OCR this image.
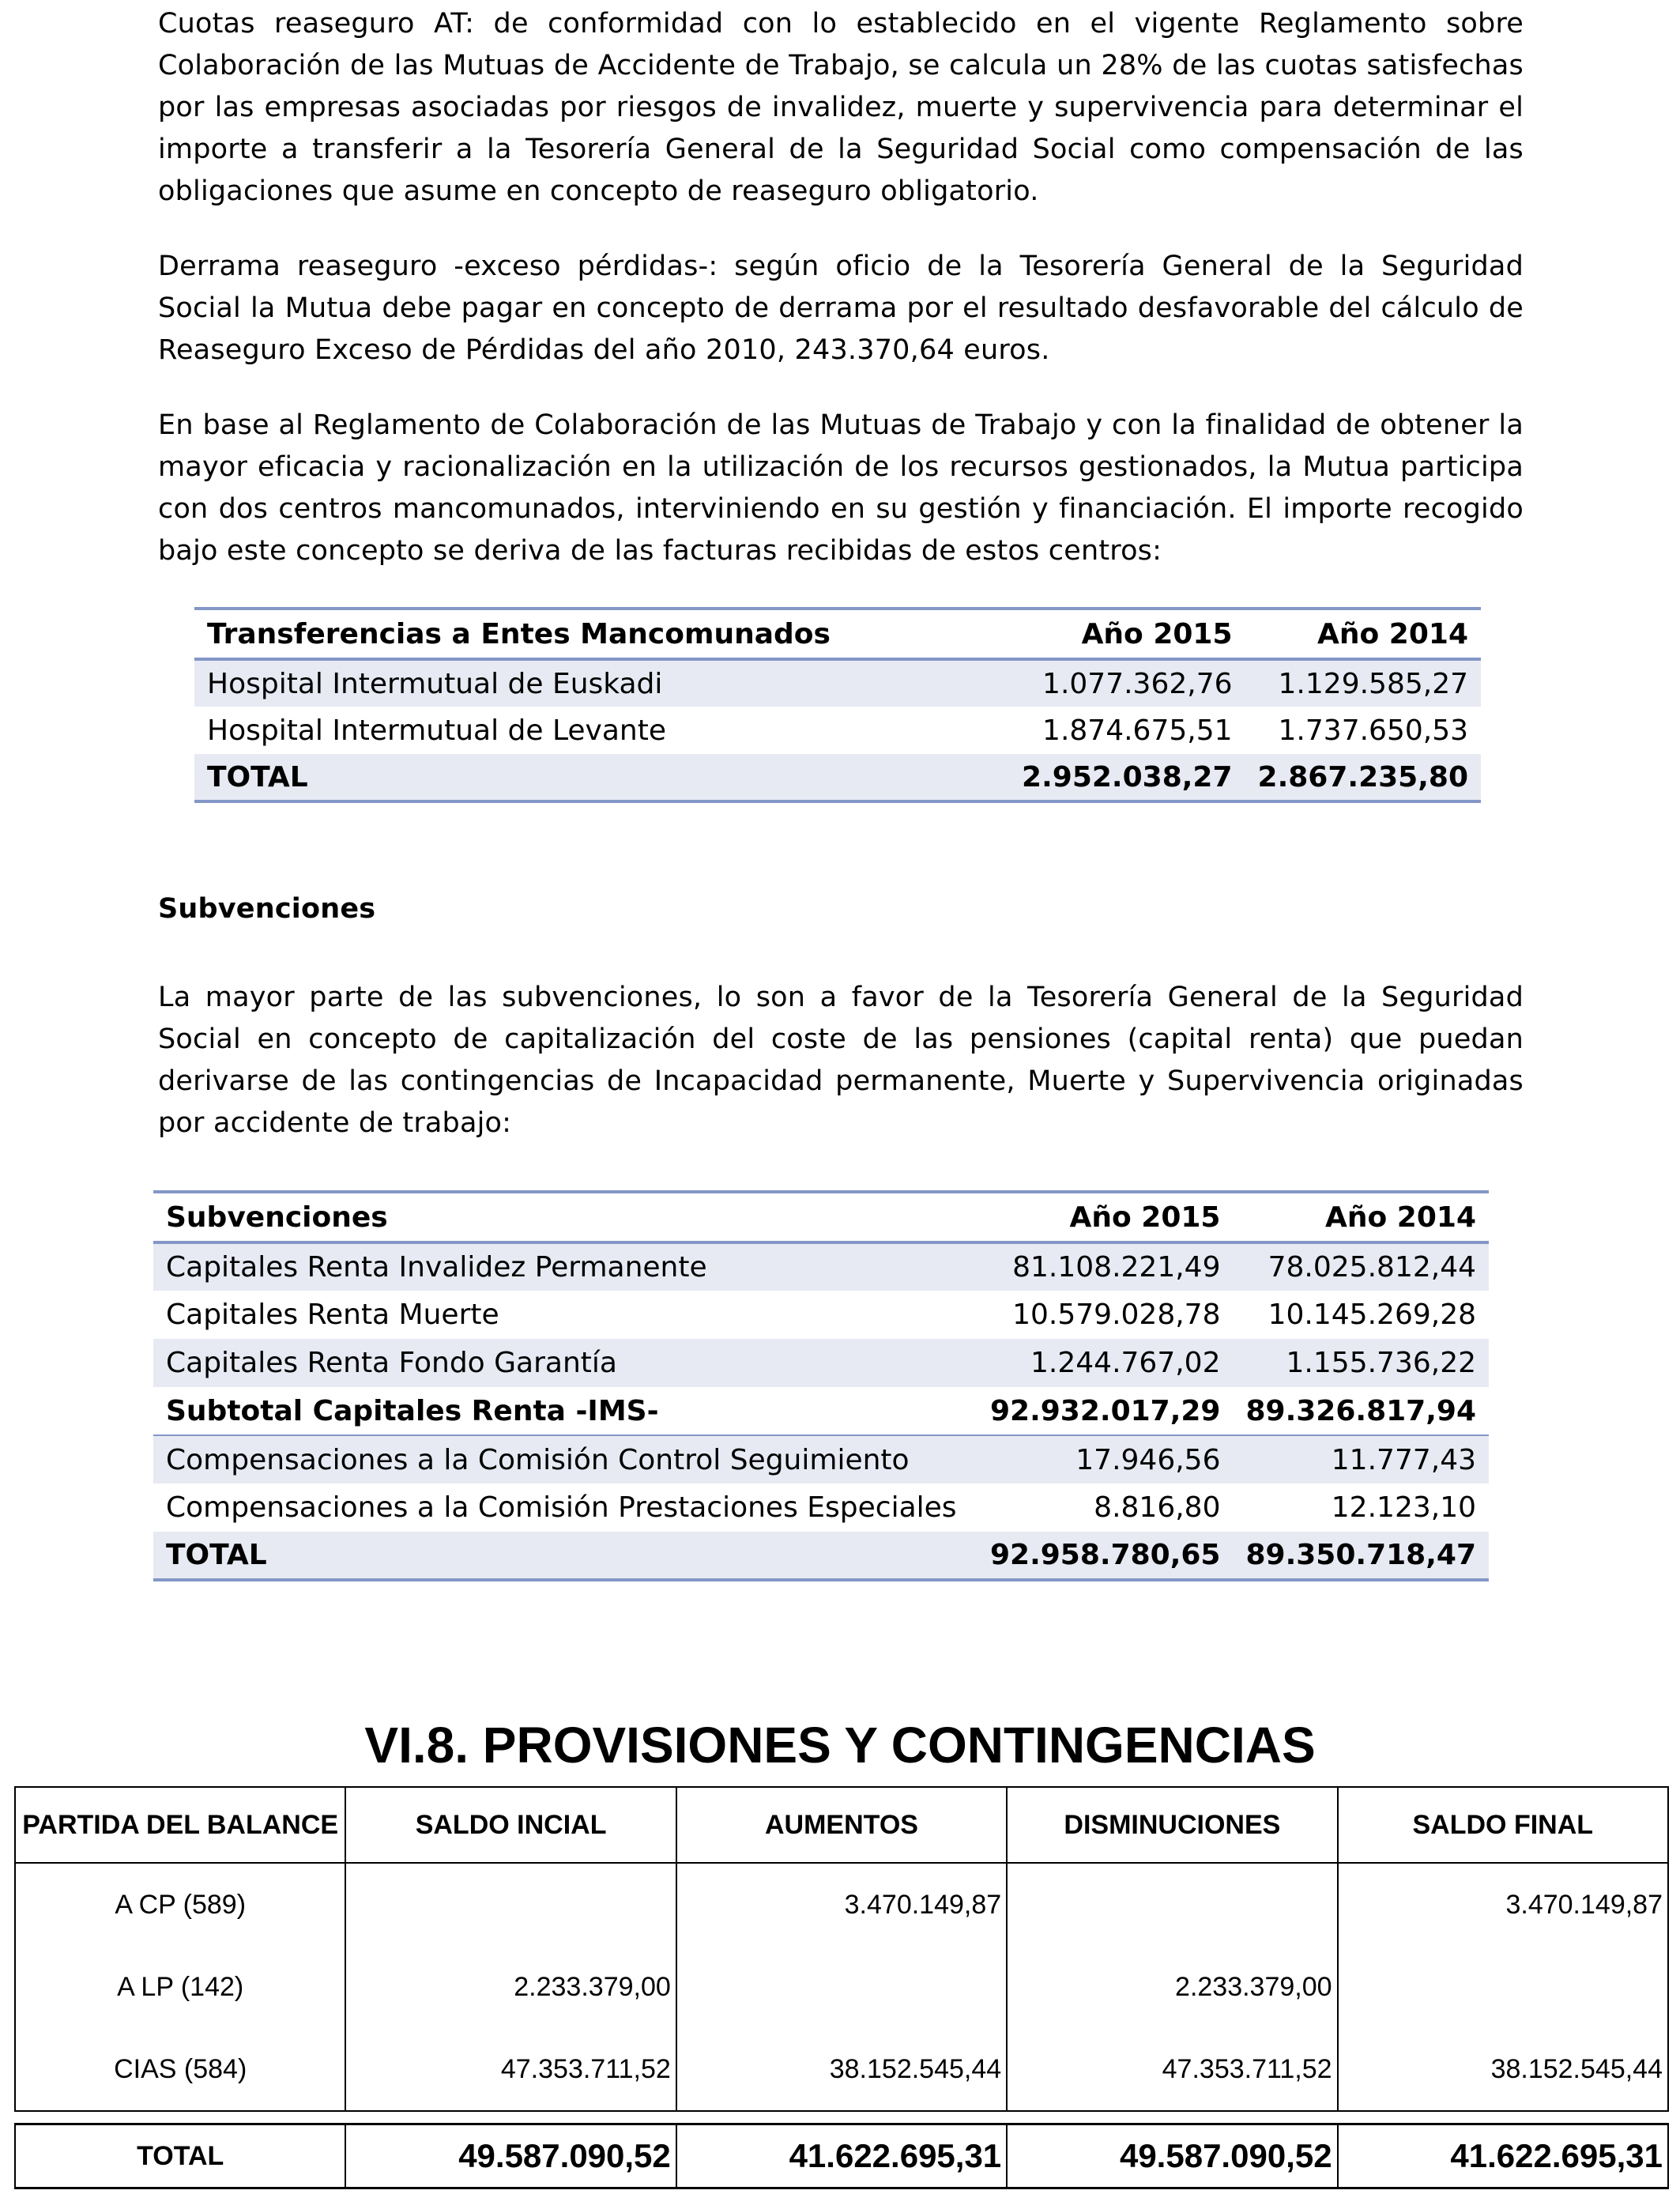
Cuotas reaseguro AT: de conformidad con lo establecido en el vigente Reglamento sobre Colaboración de las Mutuas de Accidente de Trabajo, se calcula un 28% de las cuotas satisfechas por las empresas asociadas por riesgos de invalidez, muerte y supervivencia para determinar el importe a transferir a la Tesorería General de la Seguridad Social como compensación de las obligaciones que asume en concepto de reaseguro obligatorio.
Derrama reaseguro -exceso pérdidas-: según oficio de la Tesorería General de la Seguridad Social la Mutua debe pagar en concepto de derrama por el resultado desfavorable del cálculo de Reaseguro Exceso de Pérdidas del año 2010, 243.370,64 euros.
En base al Reglamento de Colaboración de las Mutuas de Trabajo y con la finalidad de obtener la mayor eficacia y racionalización en la utilización de los recursos gestionados, la Mutua participa con dos centros mancomunados, interviniendo en su gestión y financiación. El importe recogido bajo este concepto se deriva de las facturas recibidas de estos centros:
Transferencias a Entes Mancomunados	Año 2015	Año 2014
Hospital Intermutual de Euskadi	1.077.362,76	1.129.585,27
Hospital Intermutual de Levante	1.874.675,51	1.737.650,53
TOTAL	2.952.038,27	2.867.235,80
Subvenciones
La mayor parte de las subvenciones, lo son a favor de la Tesorería General de la Seguridad Social en concepto de capitalización del coste de las pensiones (capital renta) que puedan derivarse de las contingencias de Incapacidad permanente, Muerte y Supervivencia originadas por accidente de trabajo:
Subvenciones	Año 2015	Año 2014
Capitales Renta Invalidez Permanente	81.108.221,49	78.025.812,44
Capitales Renta Muerte	10.579.028,78	10.145.269,28
Capitales Renta Fondo Garantía	1.244.767,02	1.155.736,22
Subtotal Capitales Renta -IMS-	92.932.017,29	89.326.817,94
Compensaciones a la Comisión Control Seguimiento	17.946,56	11.777,43
Compensaciones a la Comisión Prestaciones Especiales	8.816,80	12.123,10
TOTAL	92.958.780,65	89.350.718,47
VI.8. PROVISIONES Y CONTINGENCIAS
PARTIDA DEL BALANCE	SALDO INCIAL	AUMENTOS	DISMINUCIONES	SALDO FINAL
A CP (589)		3.470.149,87		3.470.149,87
A LP (142)	2.233.379,00		2.233.379,00	
CIAS (584)	47.353.711,52	38.152.545,44	47.353.711,52	38.152.545,44
TOTAL	49.587.090,52	41.622.695,31	49.587.090,52	41.622.695,31
